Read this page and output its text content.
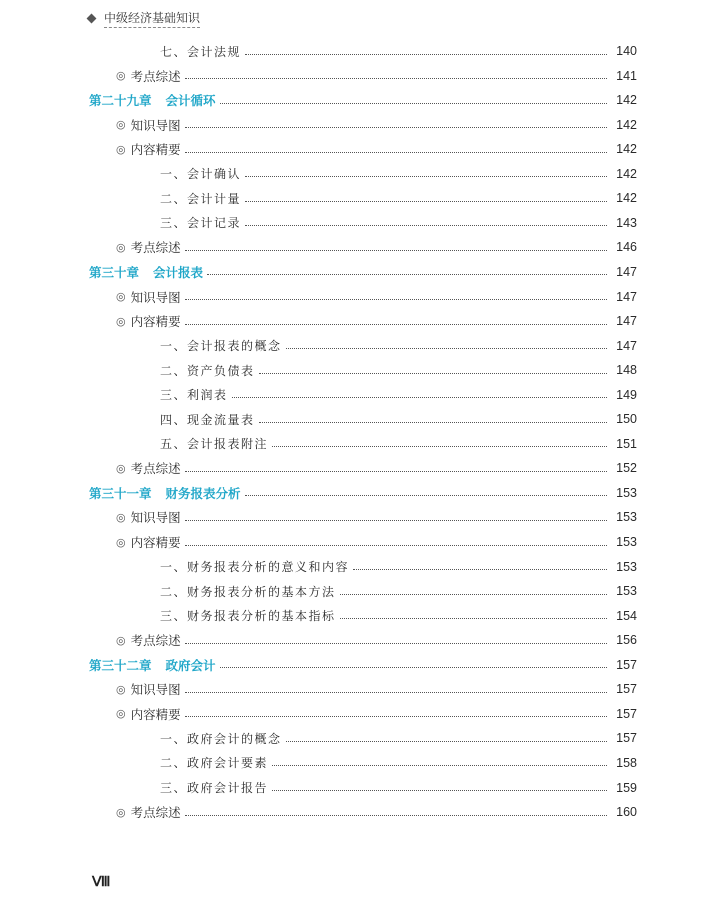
中级经济基础知识
七、会计法规	140
◎ 考点综述	141
第二十九章 会计循环	142
◎ 知识导图	142
◎ 内容精要	142
一、会计确认	142
二、会计计量	142
三、会计记录	143
◎ 考点综述	146
第三十章 会计报表	147
◎ 知识导图	147
◎ 内容精要	147
一、会计报表的概念	147
二、资产负债表	148
三、利润表	149
四、现金流量表	150
五、会计报表附注	151
◎ 考点综述	152
第三十一章 财务报表分析	153
◎ 知识导图	153
◎ 内容精要	153
一、财务报表分析的意义和内容	153
二、财务报表分析的基本方法	153
三、财务报表分析的基本指标	154
◎ 考点综述	156
第三十二章 政府会计	157
◎ 知识导图	157
◎ 内容精要	157
一、政府会计的概念	157
二、政府会计要素	158
三、政府会计报告	159
◎ 考点综述	160
Ⅷ
